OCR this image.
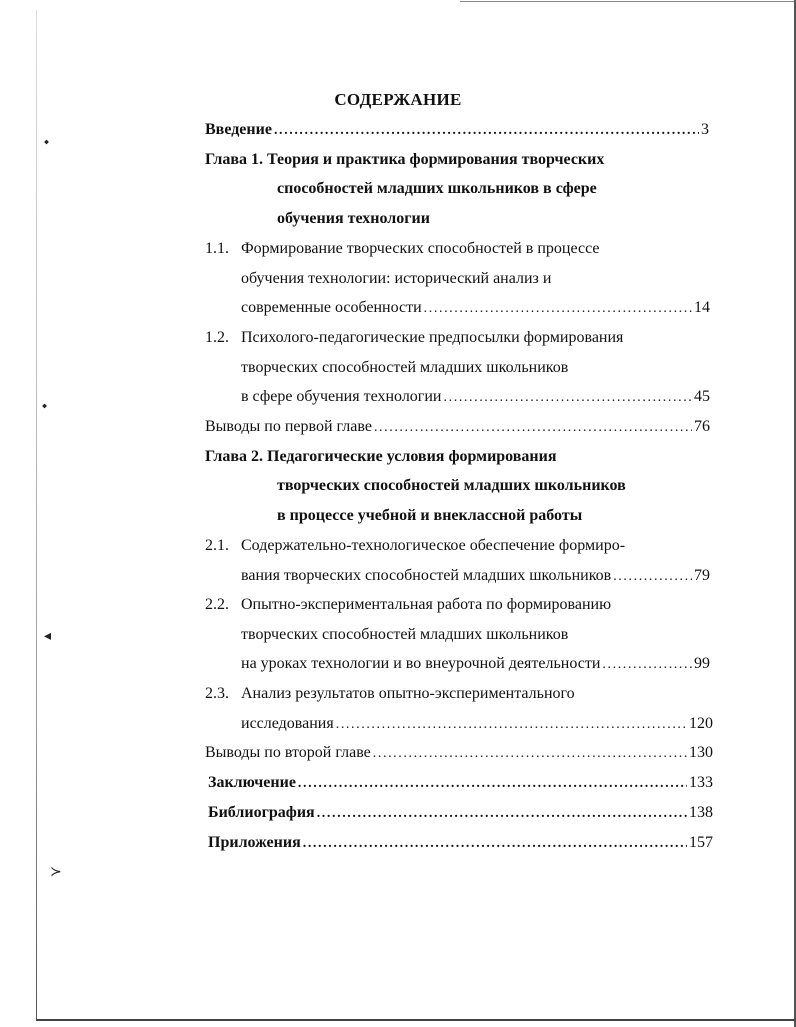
⬩
⬩
◂
≻
СОДЕРЖАНИЕ
Введение .....	3
Глава 1. Теория и практика формирования творческих
способностей младших школьников в сфере
обучения технологии
1.1. Формирование творческих способностей в процессе
обучения технологии: исторический анализ и
современные особенности .....	14
1.2. Психолого-педагогические предпосылки формирования
творческих способностей младших школьников
в сфере обучения технологии .....	45
Выводы по первой главе .....	76
Глава 2. Педагогические условия формирования
творческих способностей младших школьников
в процессе учебной и внеклассной работы
2.1. Содержательно-технологическое обеспечение формиро-
вания творческих способностей младших школьников .....	79
2.2. Опытно-экспериментальная работа по формированию
творческих способностей младших школьников
на уроках технологии и во внеурочной деятельности .....	99
2.3. Анализ результатов опытно-экспериментального
исследования .....	120
Выводы по второй главе .....	130
Заключение .....	133
Библиография .....	138
Приложения .....	157
